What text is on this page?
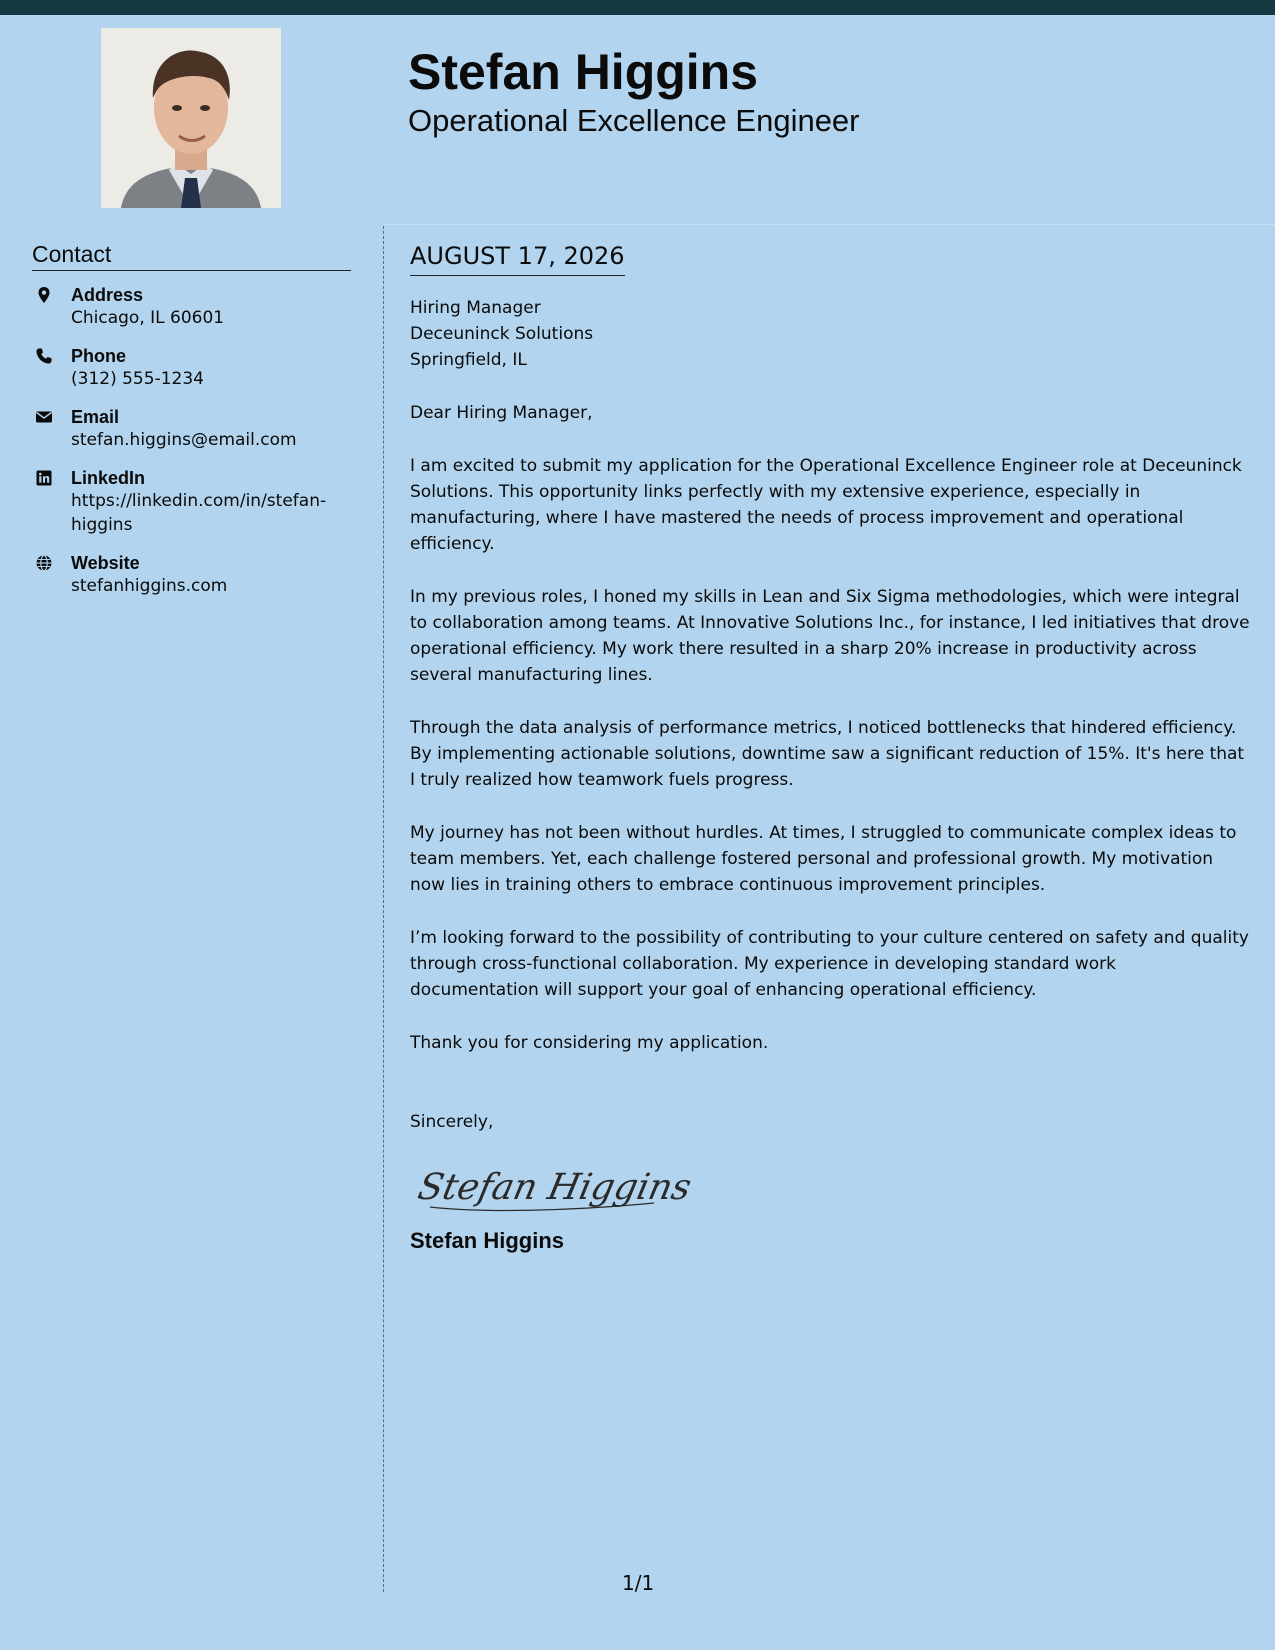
Stefan Higgins
Operational Excellence Engineer
Contact
Address
Chicago, IL 60601
Phone
(312) 555-1234
Email
stefan.higgins@email.com
LinkedIn
https://linkedin.com/in/stefan-higgins
Website
stefanhiggins.com
AUGUST 17, 2026
Hiring Manager
Deceuninck Solutions
Springfield, IL
Dear Hiring Manager,

I am excited to submit my application for the Operational Excellence Engineer role at Deceuninck Solutions. This opportunity links perfectly with my extensive experience, especially in manufacturing, where I have mastered the needs of process improvement and operational efficiency.

In my previous roles, I honed my skills in Lean and Six Sigma methodologies, which were integral to collaboration among teams. At Innovative Solutions Inc., for instance, I led initiatives that drove operational efficiency. My work there resulted in a sharp 20% increase in productivity across several manufacturing lines.

Through the data analysis of performance metrics, I noticed bottlenecks that hindered efficiency. By implementing actionable solutions, downtime saw a significant reduction of 15%. It's here that I truly realized how teamwork fuels progress.

My journey has not been without hurdles. At times, I struggled to communicate complex ideas to team members. Yet, each challenge fostered personal and professional growth. My motivation now lies in training others to embrace continuous improvement principles.

I’m looking forward to the possibility of contributing to your culture centered on safety and quality through cross-functional collaboration. My experience in developing standard work documentation will support your goal of enhancing operational efficiency.

Thank you for considering my application.
Sincerely,
Stefan Higgins
Stefan Higgins
1/1
